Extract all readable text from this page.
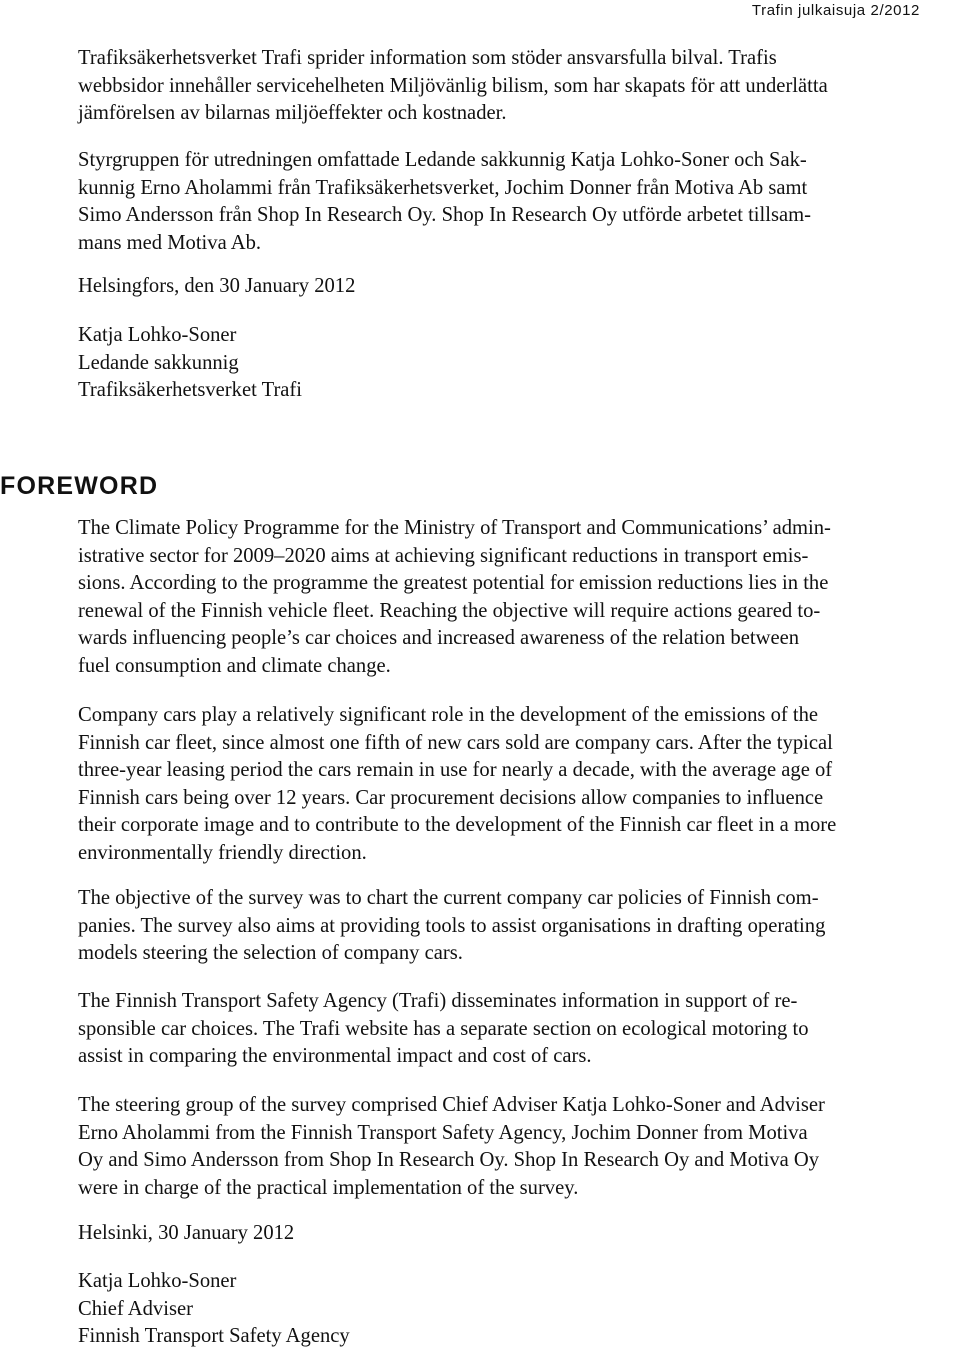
Trafin julkaisuja 2/2012
Trafiksäkerhetsverket Trafi sprider information som stöder ansvarsfulla bilval. Trafis
webbsidor innehåller servicehelheten Miljövänlig bilism, som har skapats för att underlätta
jämförelsen av bilarnas miljöeffekter och kostnader.
Styrgruppen för utredningen omfattade Ledande sakkunnig Katja Lohko-Soner och Sak-
kunnig Erno Aholammi från Trafiksäkerhetsverket, Jochim Donner från Motiva Ab samt
Simo Andersson från Shop In Research Oy. Shop In Research Oy utförde arbetet tillsam-
mans med Motiva Ab.
Helsingfors, den 30 January 2012
Katja Lohko-Soner
Ledande sakkunnig
Trafiksäkerhetsverket Trafi
FOREWORD
The Climate Policy Programme for the Ministry of Transport and Communications’ admin-
istrative sector for 2009–2020 aims at achieving significant reductions in transport emis-
sions. According to the programme the greatest potential for emission reductions lies in the
renewal of the Finnish vehicle fleet. Reaching the objective will require actions geared to-
wards influencing people’s car choices and increased awareness of the relation between
fuel consumption and climate change.
Company cars play a relatively significant role in the development of the emissions of the
Finnish car fleet, since almost one fifth of new cars sold are company cars. After the typical
three-year leasing period the cars remain in use for nearly a decade, with the average age of
Finnish cars being over 12 years. Car procurement decisions allow companies to influence
their corporate image and to contribute to the development of the Finnish car fleet in a more
environmentally friendly direction.
The objective of the survey was to chart the current company car policies of Finnish com-
panies. The survey also aims at providing tools to assist organisations in drafting operating
models steering the selection of company cars.
The Finnish Transport Safety Agency (Trafi) disseminates information in support of re-
sponsible car choices. The Trafi website has a separate section on ecological motoring to
assist in comparing the environmental impact and cost of cars.
The steering group of the survey comprised Chief Adviser Katja Lohko-Soner and Adviser
Erno Aholammi from the Finnish Transport Safety Agency, Jochim Donner from Motiva
Oy and Simo Andersson from Shop In Research Oy. Shop In Research Oy and Motiva Oy
were in charge of the practical implementation of the survey.
Helsinki, 30 January 2012
Katja Lohko-Soner
Chief Adviser
Finnish Transport Safety Agency
